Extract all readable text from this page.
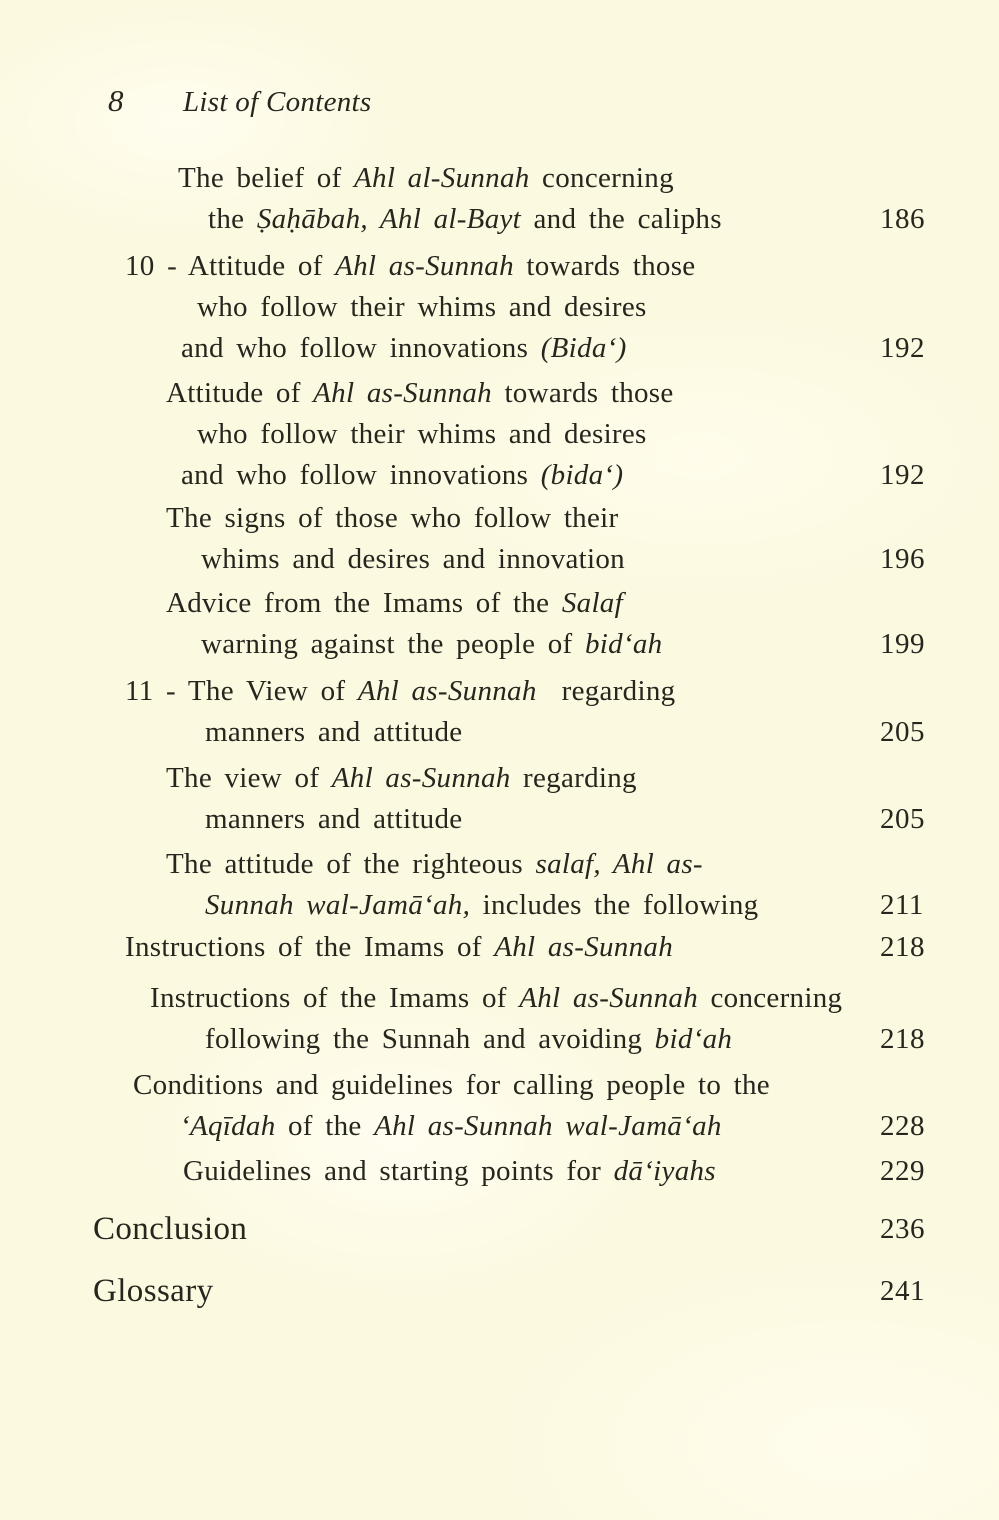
8 List of Contents
The belief of Ahl al-Sunnah concerning
the Ṣaḥābah, Ahl al-Bayt and the caliphs	186
10 - Attitude of Ahl as-Sunnah towards those
who follow their whims and desires
and who follow innovations (Bida‘)	192
Attitude of Ahl as-Sunnah towards those
who follow their whims and desires
and who follow innovations (bida‘)	192
The signs of those who follow their
whims and desires and innovation	196
Advice from the Imams of the Salaf
warning against the people of bid‘ah	199
11 - The View of Ahl as-Sunnah  regarding
manners and attitude	205
The view of Ahl as-Sunnah regarding
manners and attitude	205
The attitude of the righteous salaf, Ahl as-
Sunnah wal-Jamā‘ah, includes the following	211
Instructions of the Imams of Ahl as-Sunnah	218
Instructions of the Imams of Ahl as-Sunnah concerning
following the Sunnah and avoiding bid‘ah	218
Conditions and guidelines for calling people to the
‘Aqīdah of the Ahl as-Sunnah wal-Jamā‘ah	228
Guidelines and starting points for dā‘iyahs	229
Conclusion	236
Glossary	241
